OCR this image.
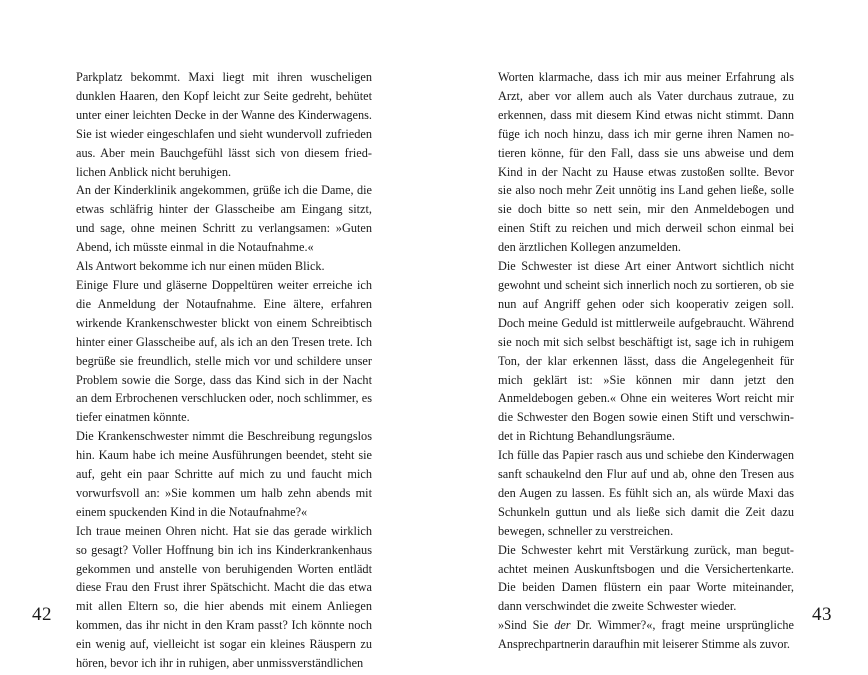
Parkplatz bekommt. Maxi liegt mit ihren wuscheligen dunklen Haaren, den Kopf leicht zur Seite gedreht, behütet unter einer leichten Decke in der Wanne des Kinderwagens. Sie ist wieder eingeschlafen und sieht wundervoll zufrieden aus. Aber mein Bauchgefühl lässt sich von diesem friedlichen Anblick nicht beruhigen.

An der Kinderklinik angekommen, grüße ich die Dame, die etwas schläfrig hinter der Glasscheibe am Eingang sitzt, und sage, ohne meinen Schritt zu verlangsamen: »Guten Abend, ich müsste einmal in die Notaufnahme.«

Als Antwort bekomme ich nur einen müden Blick.

Einige Flure und gläserne Doppeltüren weiter erreiche ich die Anmeldung der Notaufnahme. Eine ältere, erfahren wirkende Krankenschwester blickt von einem Schreibtisch hinter einer Glasscheibe auf, als ich an den Tresen trete. Ich begrüße sie freundlich, stelle mich vor und schildere unser Problem sowie die Sorge, dass das Kind sich in der Nacht an dem Erbrochenen verschlucken oder, noch schlimmer, es tiefer einatmen könnte.

Die Krankenschwester nimmt die Beschreibung regungslos hin. Kaum habe ich meine Ausführungen beendet, steht sie auf, geht ein paar Schritte auf mich zu und faucht mich vorwurfsvoll an: »Sie kommen um halb zehn abends mit einem spuckenden Kind in die Notaufnahme?«

Ich traue meinen Ohren nicht. Hat sie das gerade wirklich so gesagt? Voller Hoffnung bin ich ins Kinderkrankenhaus gekommen und anstelle von beruhigenden Worten entlädt diese Frau den Frust ihrer Spätschicht. Macht die das etwa mit allen Eltern so, die hier abends mit einem Anliegen kommen, das ihr nicht in den Kram passt? Ich könnte noch ein wenig auf, vielleicht ist sogar ein kleines Räuspern zu hören, bevor ich ihr in ruhigen, aber unmissverständlichen

42

Worten klarmache, dass ich mir aus meiner Erfahrung als Arzt, aber vor allem auch als Vater durchaus zutraue, zu erkennen, dass mit diesem Kind etwas nicht stimmt. Dann füge ich noch hinzu, dass ich mir gerne ihren Namen notieren könne, für den Fall, dass sie uns abweise und dem Kind in der Nacht zu Hause etwas zustoßen sollte. Bevor sie also noch mehr Zeit unnötig ins Land gehen ließe, solle sie doch bitte so nett sein, mir den Anmeldebogen und einen Stift zu reichen und mich derweil schon einmal bei den ärztlichen Kollegen anzumelden.

Die Schwester ist diese Art einer Antwort sichtlich nicht gewohnt und scheint sich innerlich noch zu sortieren, ob sie nun auf Angriff gehen oder sich kooperativ zeigen soll. Doch meine Geduld ist mittlerweile aufgebraucht. Während sie noch mit sich selbst beschäftigt ist, sage ich in ruhigem Ton, der klar erkennen lässt, dass die Angelegenheit für mich geklärt ist: »Sie können mir dann jetzt den Anmeldebogen geben.« Ohne ein weiteres Wort reicht mir die Schwester den Bogen sowie einen Stift und verschwindet in Richtung Behandlungsräume.

Ich fülle das Papier rasch aus und schiebe den Kinderwagen sanft schaukelnd den Flur auf und ab, ohne den Tresen aus den Augen zu lassen. Es fühlt sich an, als würde Maxi das Schunkeln guttun und als ließe sich damit die Zeit dazu bewegen, schneller zu verstreichen.

Die Schwester kehrt mit Verstärkung zurück, man begutachtet meinen Auskunftsbogen und die Versichertenkarte. Die beiden Damen flüstern ein paar Worte miteinander, dann verschwindet die zweite Schwester wieder.

»Sind Sie der Dr. Wimmer?«, fragt meine ursprüngliche Ansprechpartnerin daraufhin mit leiserer Stimme als zuvor.

43
